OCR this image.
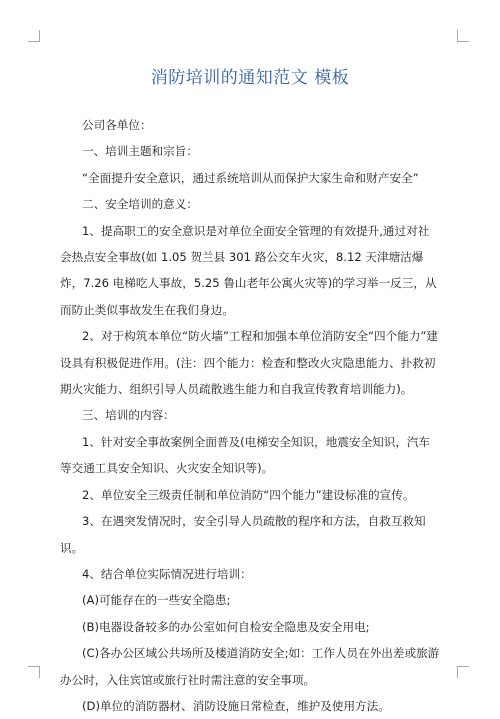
消防培训的通知范文 模板

公司各单位：

一、培训主题和宗旨：

“全面提升安全意识，通过系统培训从而保护大家生命和财产安全”

二、安全培训的意义：

1、提高职工的安全意识是对单位全面安全管理的有效提升,通过对社会热点安全事故(如 1.05 贺兰县 301 路公交车火灾，8.12 天津塘沽爆炸，7.26 电梯吃人事故，5.25 鲁山老年公寓火灾等)的学习举一反三，从而防止类似事故发生在我们身边。

2、对于构筑本单位“防火墙”工程和加强本单位消防安全“四个能力”建设具有积极促进作用。(注：四个能力：检查和整改火灾隐患能力、扑救初期火灾能力、组织引导人员疏散逃生能力和自我宣传教育培训能力)。

三、培训的内容：

1、针对安全事故案例全面普及(电梯安全知识，地震安全知识，汽车等交通工具安全知识、火灾安全知识等)。

2、单位安全三级责任制和单位消防“四个能力”建设标准的宣传。

3、在遇突发情况时，安全引导人员疏散的程序和方法，自救互救知识。

4、结合单位实际情况进行培训：

(A)可能存在的一些安全隐患;

(B)电器设备较多的办公室如何自检安全隐患及安全用电;

(C)各办公区域公共场所及楼道消防安全;如：工作人员在外出差或旅游办公时，入住宾馆或旅行社时需注意的安全事项。

(D)单位的消防器材、消防设施日常检查，维护及使用方法。
